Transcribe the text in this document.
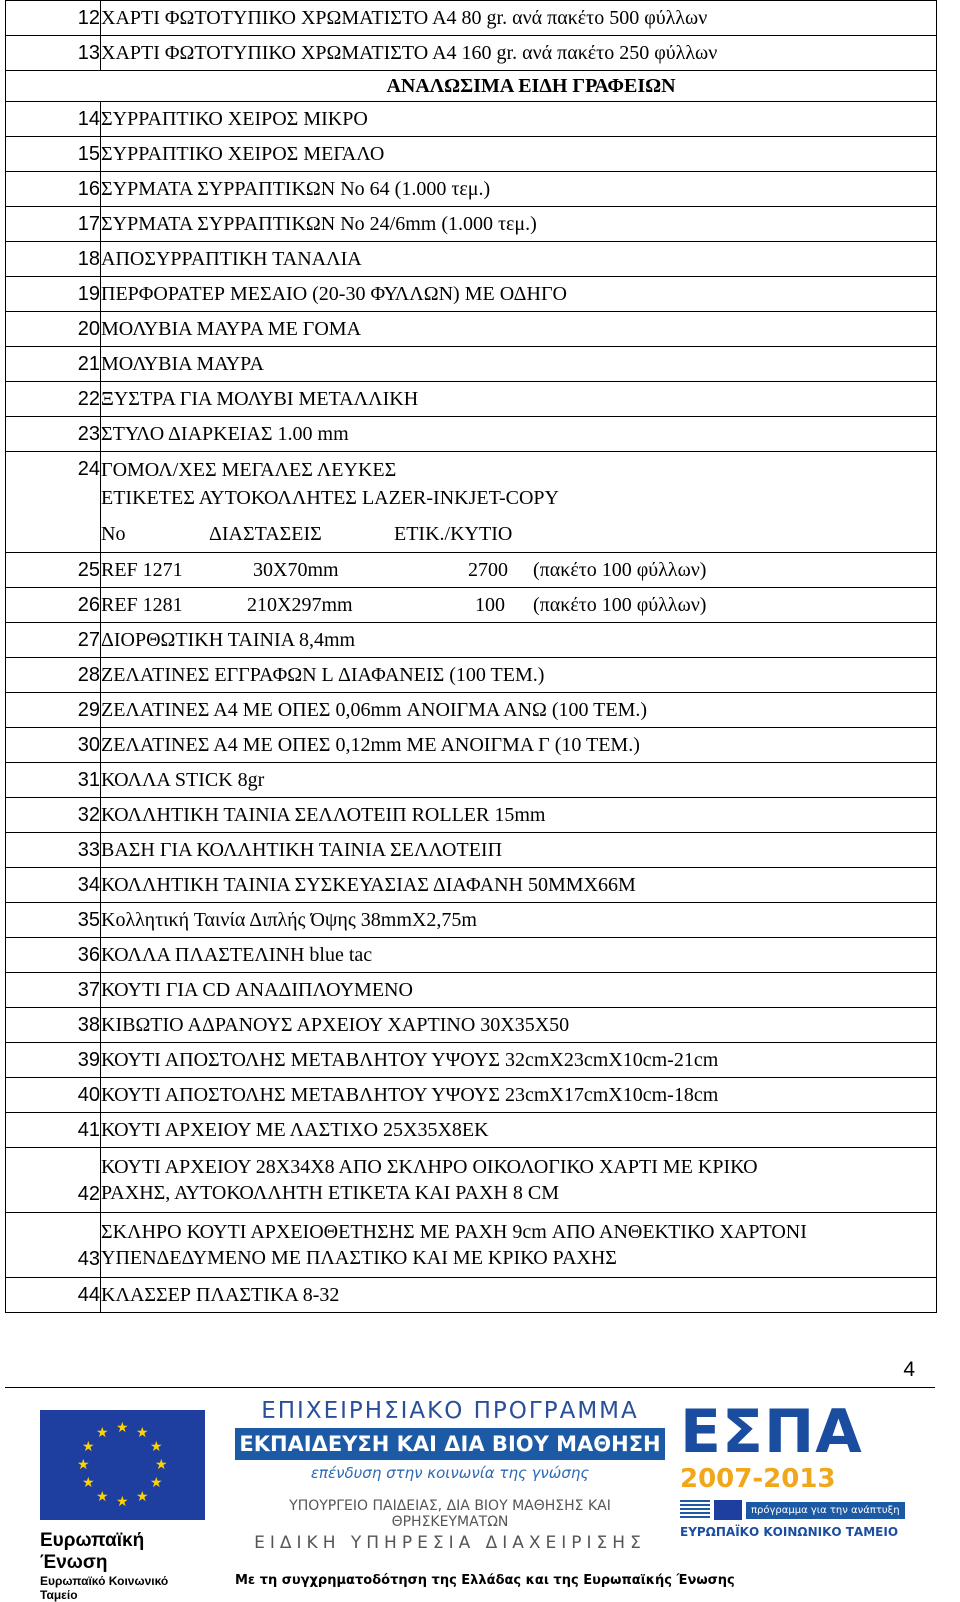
12	ΧΑΡΤΙ ΦΩΤΟΤΥΠΙΚΟ ΧΡΩΜΑΤΙΣΤΟ Α4 80 gr. ανά πακέτο 500 φύλλων
13	ΧΑΡΤΙ ΦΩΤΟΤΥΠΙΚΟ ΧΡΩΜΑΤΙΣΤΟ Α4 160 gr. ανά πακέτο 250 φύλλων
ΑΝΑΛΩΣΙΜΑ ΕΙΔΗ ΓΡΑΦΕΙΩΝ	
14	ΣΥΡΡΑΠΤΙΚΟ ΧΕΙΡΟΣ ΜΙΚΡΟ
15	ΣΥΡΡΑΠΤΙΚΟ ΧΕΙΡΟΣ ΜΕΓΑΛΟ
16	ΣΥΡΜΑΤΑ ΣΥΡΡΑΠΤΙΚΩΝ Νο 64 (1.000 τεμ.)
17	ΣΥΡΜΑΤΑ ΣΥΡΡΑΠΤΙΚΩΝ Νο 24/6mm (1.000 τεμ.)
18	ΑΠΟΣΥΡΡΑΠΤΙΚΗ ΤΑΝΑΛΙΑ
19	ΠΕΡΦΟΡΑΤΕΡ ΜΕΣΑΙΟ (20-30 ΦΥΛΛΩΝ) ΜΕ ΟΔΗΓΟ
20	ΜΟΛΥΒΙΑ ΜΑΥΡΑ ΜΕ ΓΟΜΑ
21	ΜΟΛΥΒΙΑ ΜΑΥΡΑ
22	ΞΥΣΤΡΑ ΓΙΑ ΜΟΛΥΒΙ ΜΕΤΑΛΛΙΚΗ
23	ΣΤΥΛΟ ΔΙΑΡΚΕΙΑΣ 1.00 mm
24	ΓΟΜΟΛ/ΧΕΣ ΜΕΓΑΛΕΣ ΛΕΥΚΕΣ
ΕΤΙΚΕΤΕΣ ΑΥΤΟΚΟΛΛΗΤΕΣ LAZER-INKJET-COPY
Νο ΔΙΑΣΤΑΣΕΙΣ ΕΤΙΚ./ΚΥΤΙΟ

25	REF 1271 30X70mm 2700 (πακέτο 100 φύλλων)
26	REF 1281 210X297mm 100 (πακέτο 100 φύλλων)
27	ΔΙΟΡΘΩΤΙΚΗ ΤΑΙΝΙΑ 8,4mm
28	ΖΕΛΑΤΙΝΕΣ ΕΓΓΡΑΦΩΝ L ΔΙΑΦΑΝΕΙΣ (100 ΤΕΜ.)
29	ΖΕΛΑΤΙΝΕΣ Α4 ΜΕ ΟΠΕΣ 0,06mm ΑΝΟΙΓΜΑ ΑΝΩ (100 ΤΕΜ.)
30	ΖΕΛΑΤΙΝΕΣ Α4 ΜΕ ΟΠΕΣ 0,12mm ΜΕ ΑΝΟΙΓΜΑ Γ (10 ΤΕΜ.)
31	ΚΟΛΛΑ STICK 8gr
32	ΚΟΛΛΗΤΙΚΗ ΤΑΙΝΙΑ ΣΕΛΛΟΤΕΙΠ ROLLER 15mm
33	ΒΑΣΗ ΓΙΑ ΚΟΛΛΗΤΙΚΗ ΤΑΙΝΙΑ ΣΕΛΛΟΤΕΙΠ
34	ΚΟΛΛΗΤΙΚΗ ΤΑΙΝΙΑ ΣΥΣΚΕΥΑΣΙΑΣ ΔΙΑΦΑΝΗ 50ΜΜΧ66Μ
35	Κολλητική Ταινία Διπλής Όψης 38mmX2,75m
36	ΚΟΛΛΑ ΠΛΑΣΤΕΛΙΝΗ blue tac
37	ΚΟΥΤΙ ΓΙΑ CD ΑΝΑΔΙΠΛΟΥΜΕΝΟ
38	ΚΙΒΩΤΙΟ ΑΔΡΑΝΟΥΣ ΑΡΧΕΙΟΥ ΧΑΡΤΙΝΟ 30Χ35Χ50
39	ΚΟΥΤΙ ΑΠΟΣΤΟΛΗΣ ΜΕΤΑΒΛΗΤΟΥ ΥΨΟΥΣ 32cmΧ23cmΧ10cm-21cm
40	ΚΟΥΤΙ ΑΠΟΣΤΟΛΗΣ ΜΕΤΑΒΛΗΤΟΥ ΥΨΟΥΣ 23cmΧ17cmΧ10cm-18cm
41	ΚΟΥΤΙ ΑΡΧΕΙΟΥ ΜΕ ΛΑΣΤΙΧΟ 25Χ35Χ8ΕΚ
42	ΚΟΥΤΙ ΑΡΧΕΙΟΥ 28Χ34Χ8 ΑΠΟ ΣΚΛΗΡΟ ΟΙΚΟΛΟΓΙΚΟ ΧΑΡΤΙ ΜΕ ΚΡΙΚΟ
ΡΑΧΗΣ, ΑΥΤΟΚΟΛΛΗΤΗ ΕΤΙΚΕΤΑ ΚΑΙ ΡΑΧΗ 8 CM

43	ΣΚΛΗΡΟ ΚΟΥΤΙ ΑΡΧΕΙΟΘΕΤΗΣΗΣ ΜΕ ΡΑΧΗ 9cm ΑΠΟ ΑΝΘΕΚΤΙΚΟ ΧΑΡΤΟΝΙ
ΥΠΕΝΔΕΔΥΜΕΝΟ ΜΕ ΠΛΑΣΤΙΚΟ ΚΑΙ ΜΕ ΚΡΙΚΟ ΡΑΧΗΣ

44	ΚΛΑΣΣΕΡ ΠΛΑΣΤΙΚΑ 8-32
4
★ ★
★
★
★
★
★
★
★
★
★
★
Ευρωπαϊκή Ένωση
Ευρωπαϊκό Κοινωνικό Ταμείο
ΕΠΙΧΕΙΡΗΣΙΑΚΟ ΠΡΟΓΡΑΜΜΑ
ΕΚΠΑΙΔΕΥΣΗ ΚΑΙ ΔΙΑ ΒΙΟΥ ΜΑΘΗΣΗ
επένδυση στην κοινωνία της γνώσης
ΥΠΟΥΡΓΕΙΟ ΠΑΙΔΕΙΑΣ, ΔΙΑ ΒΙΟΥ ΜΑΘΗΣΗΣ ΚΑΙ ΘΡΗΣΚΕΥΜΑΤΩΝ
ΕΙΔΙΚΗ ΥΠΗΡΕΣΙΑ ΔΙΑΧΕΙΡΙΣΗΣ
Με τη συγχρηματοδότηση της Ελλάδας και της Ευρωπαϊκής Ένωσης
ΕΣΠΑ
2007-2013
πρόγραμμα για την ανάπτυξη
ΕΥΡΩΠΑΪΚΟ ΚΟΙΝΩΝΙΚΟ ΤΑΜΕΙΟ
